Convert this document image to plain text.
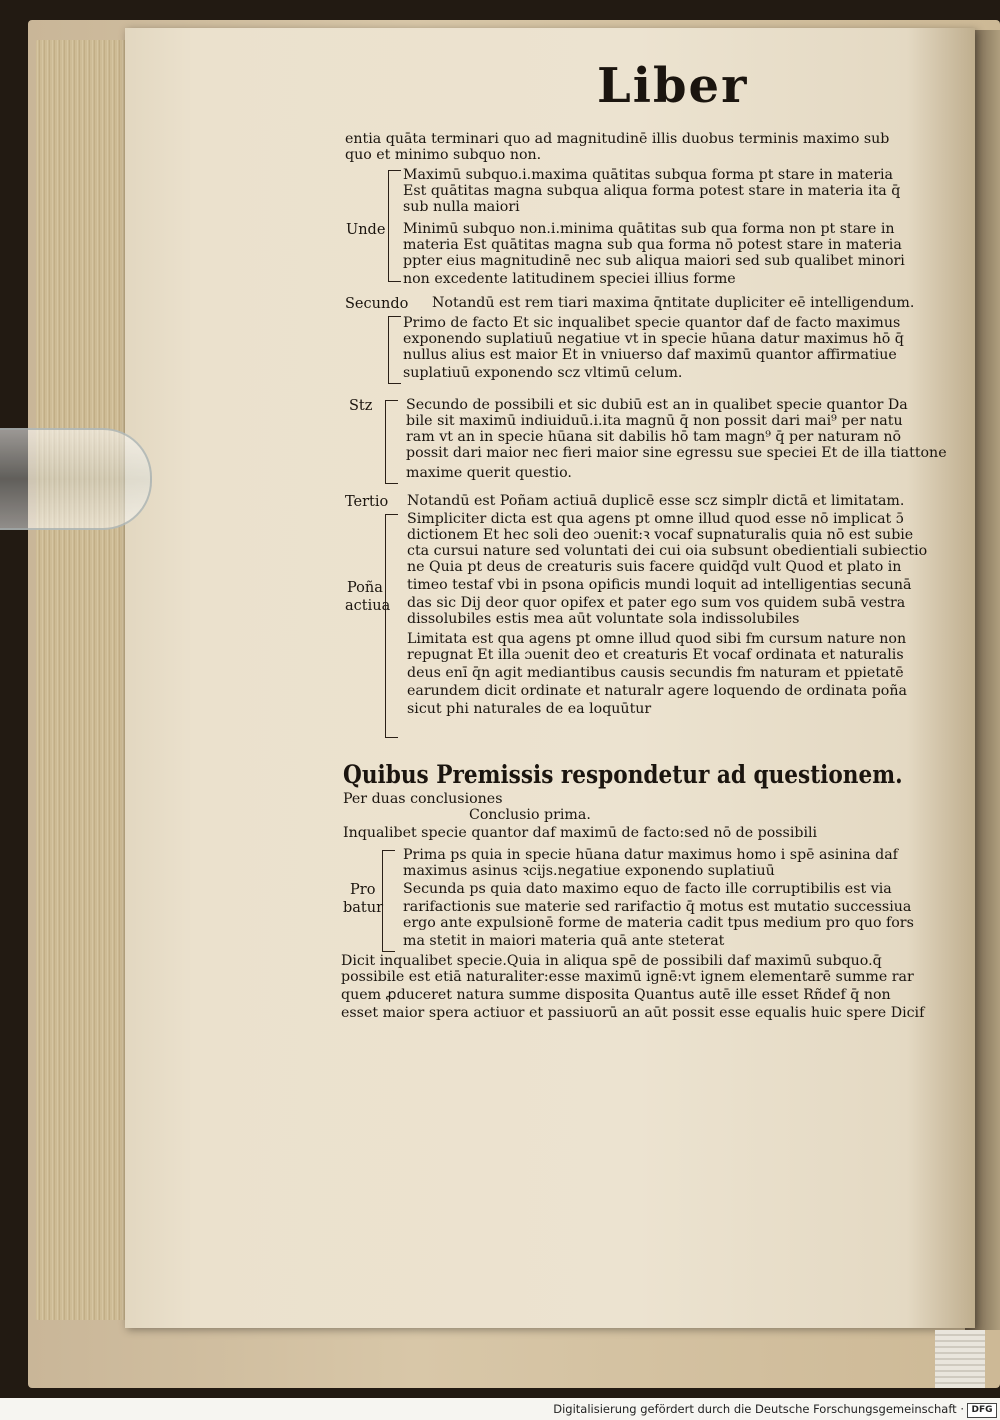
Liber
entia quāta terminari quo ad magnitudinē illis duobus terminis maximo sub
quo et minimo subquo non.
Maximū subquo.i.maxima quātitas subqua forma pt stare in materia
Est quātitas magna subqua aliqua forma potest stare in materia ita q̄
sub nulla maiori
Minimū subquo non.i.minima quātitas sub qua forma non pt stare in
materia Est quātitas magna sub qua forma nō potest stare in materia
ppter eius magnitudinē nec sub aliqua maiori sed sub qualibet minori
non excedente latitudinem speciei illius forme
Notandū est rem tiari maxima q̄ntitate dupliciter eē intelligendum.
Primo de facto Et sic inqualibet specie quantor daf de facto maximus
exponendo suplatiuū negatiue vt in specie hūana datur maximus hō q̄
nullus alius est maior Et in vniuerso daf maximū quantor affirmatiue
suplatiuū exponendo scz vltimū celum.
Secundo de possibili et sic dubiū est an in qualibet specie quantor Da
bile sit maximū indiuiduū.i.ita magnū q̄ non possit dari mai⁹ per natu
ram vt an in specie hūana sit dabilis hō tam magn⁹ q̄ per naturam nō
possit dari maior nec fieri maior sine egressu sue speciei Et de illa tiattone
maxime querit questio.
Notandū est Poñam actiuā duplicē esse scz simplr dictā et limitatam.
Simpliciter dicta est qua agens pt omne illud quod esse nō implicat ɔ̄
dictionem Et hec soli deo ɔuenit:ꝛ vocaf supnaturalis quia nō est subie
cta cursui nature sed voluntati dei cui oia subsunt obedientiali subiectio
ne Quia pt deus de creaturis suis facere quidq̄d vult Quod et plato in
timeo testaf vbi in psona opificis mundi loquit ad intelligentias secunā
das sic Dij deor quor opifex et pater ego sum vos quidem subā vestra
dissolubiles estis mea aūt voluntate sola indissolubiles
Limitata est qua agens pt omne illud quod sibi fm cursum nature non
repugnat Et illa ɔuenit deo et creaturis Et vocaf ordinata et naturalis
deus enī q̄n agit mediantibus causis secundis fm naturam et ppietatē
earundem dicit ordinate et naturalr agere loquendo de ordinata poña
sicut phi naturales de ea loquūtur
Per duas conclusiones
Conclusio prima.
Inqualibet specie quantor daf maximū de facto:sed nō de possibili
Prima ps quia in specie hūana datur maximus homo i spē asinina daf
maximus asinus ꝛcijs.negatiue exponendo suplatiuū
Secunda ps quia dato maximo equo de facto ille corruptibilis est via
rarifactionis sue materie sed rarifactio q̄ motus est mutatio successiua
ergo ante expulsionē forme de materia cadit tpus medium pro quo fors
ma stetit in maiori materia quā ante steterat
Dicit inqualibet specie.Quia in aliqua spē de possibili daf maximū subquo.q̄
possibile est etiā naturaliter:esse maximū ignē:vt ignem elementarē summe rar
quem ꝓduceret natura summe disposita Quantus autē ille esset Rñdef q̄ non
esset maior spera actiuor et passiuorū an aūt possit esse equalis huic spere Dicif
Unde
Secundo
Stz
Tertio
Poña
actiua
Pro
batur
Quibus Premissis respondetur ad questionem.
Digitalisierung gefördert durch die Deutsche Forschungsgemeinschaft · DFG
